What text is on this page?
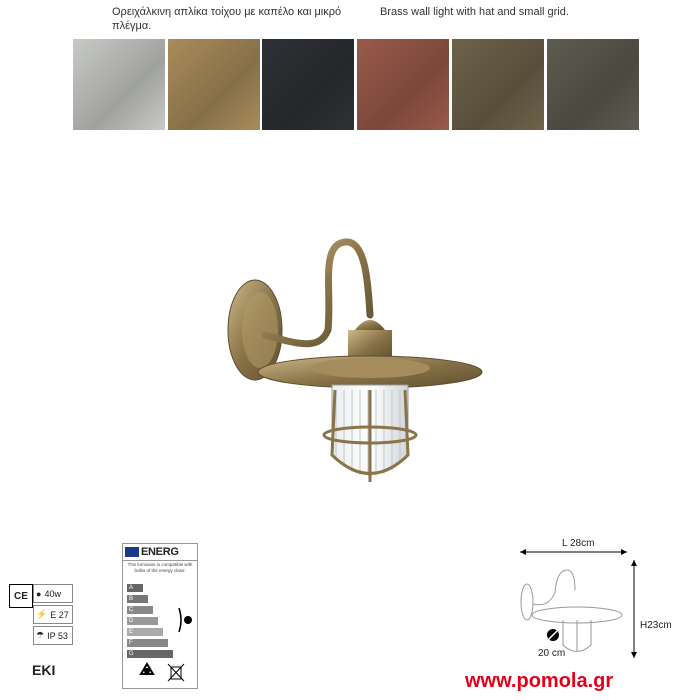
Ορειχάλκινη απλίκα τοίχου με καπέλο και μικρό πλέγμα.
Brass wall light with hat and small grid.
ENERG
This luminaire is compatible with bulbs of the energy class:
A
B
C
D
E
F
G
CE ● 40w
⚡ E 27
☂ IP 53
EKI
L 28cm
H23cm
20 cm
www.pomola.gr
